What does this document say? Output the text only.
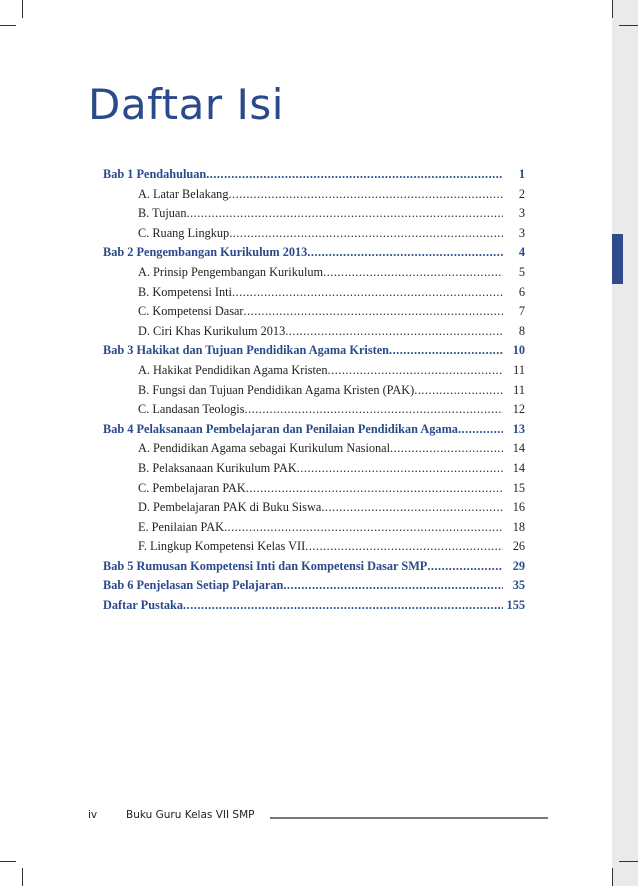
Daftar Isi
Bab 1 Pendahuluan .....	1
A. Latar Belakang .....	2
B. Tujuan .....	3
C. Ruang Lingkup .....	3
Bab 2 Pengembangan Kurikulum 2013 .....	4
A. Prinsip Pengembangan Kurikulum .....	5
B. Kompetensi Inti .....	6
C. Kompetensi Dasar .....	7
D. Ciri Khas Kurikulum 2013 .....	8
Bab 3 Hakikat dan Tujuan Pendidikan Agama Kristen .....	10
A. Hakikat Pendidikan Agama Kristen .....	11
B. Fungsi dan Tujuan Pendidikan Agama Kristen (PAK) .....	11
C. Landasan Teologis .....	12
Bab 4 Pelaksanaan Pembelajaran dan Penilaian Pendidikan Agama .....	13
A. Pendidikan Agama sebagai Kurikulum Nasional .....	14
B. Pelaksanaan Kurikulum PAK .....	14
C. Pembelajaran PAK .....	15
D. Pembelajaran PAK di Buku Siswa .....	16
E. Penilaian PAK .....	18
F. Lingkup Kompetensi Kelas VII .....	26
Bab 5 Rumusan Kompetensi Inti dan Kompetensi Dasar SMP .....	29
Bab 6 Penjelasan Setiap Pelajaran .....	35
Daftar Pustaka .....	155
iv	Buku Guru Kelas VII SMP
